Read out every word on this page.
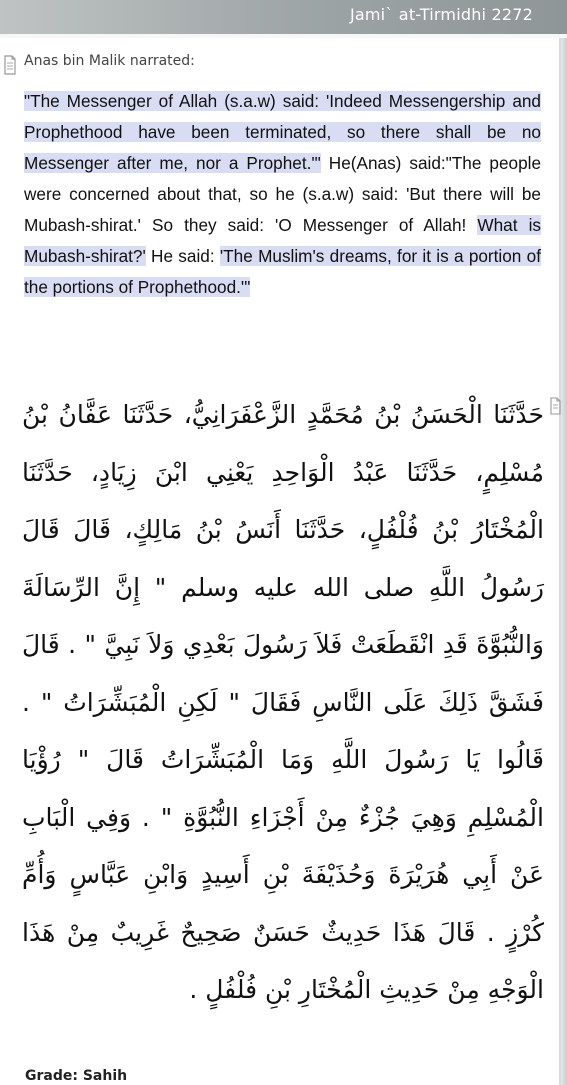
Jami` at-Tirmidhi 2272
Anas bin Malik narrated:

"The Messenger of Allah (s.a.w) said: 'Indeed Messengership and Prophethood have been terminated, so there shall be no Messenger after me, nor a Prophet.'" He(Anas) said:"The people were concerned about that, so he (s.a.w) said: 'But there will be Mubash-shirat.' So they said: 'O Messenger of Allah! What is Mubash-shirat?' He said: 'The Muslim's dreams, for it is a portion of the portions of Prophethood.'"

حَدَّثَنَا الْحَسَنُ بْنُ مُحَمَّدٍ الزَّعْفَرَانِيُّ، حَدَّثَنَا عَفَّانُ بْنُ مُسْلِمٍ، حَدَّثَنَا عَبْدُ الْوَاحِدِ يَعْنِي ابْنَ زِيَادٍ، حَدَّثَنَا الْمُخْتَارُ بْنُ فُلْفُلٍ، حَدَّثَنَا أَنَسُ بْنُ مَالِكٍ، قَالَ قَالَ رَسُولُ اللَّهِ صلى الله عليه وسلم " إِنَّ الرِّسَالَةَ وَالنُّبُوَّةَ قَدِ انْقَطَعَتْ فَلاَ رَسُولَ بَعْدِي وَلاَ نَبِيَّ " . قَالَ فَشَقَّ ذَلِكَ عَلَى النَّاسِ فَقَالَ " لَكِنِ الْمُبَشِّرَاتُ " . قَالُوا يَا رَسُولَ اللَّهِ وَمَا الْمُبَشِّرَاتُ قَالَ " رُؤْيَا الْمُسْلِمِ وَهِيَ جُزْءٌ مِنْ أَجْزَاءِ النُّبُوَّةِ " . وَفِي الْبَابِ عَنْ أَبِي هُرَيْرَةَ وَحُذَيْفَةَ بْنِ أَسِيدٍ وَابْنِ عَبَّاسٍ وَأُمِّ كُرْزٍ . قَالَ هَذَا حَدِيثٌ حَسَنٌ صَحِيحٌ غَرِيبٌ مِنْ هَذَا الْوَجْهِ مِنْ حَدِيثِ الْمُخْتَارِ بْنِ فُلْفُلٍ .

Grade: Sahih
